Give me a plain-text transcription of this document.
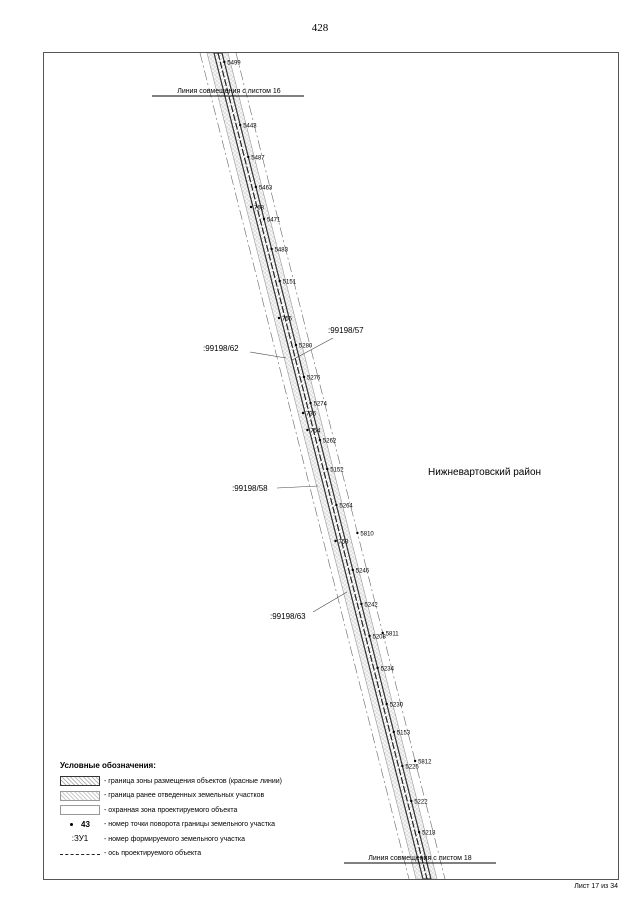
428
5499
5443
5487
5463
768
5471
5483
5151
755
5280
5276
5274
736
754
5262
5152
5264
5810
753
5246
5242
5811
5208
5234
5230
5153
5812
5226
5222
5218
Линия совмещения с листом 16
Линия совмещения с листом 18
:99198/57
:99198/62
:99198/58
:99198/63
Нижневартовский район
Условные обозначения:
- граница зоны размещения объектов (красные линии)
- граница ранее отведенных земельных участков
- охранная зона проектируемого объекта
43	- номер точки поворота границы земельного участка
:ЗУ1	- номер формируемого земельного участка
- ось проектируемого объекта
Лист 17 из 34
